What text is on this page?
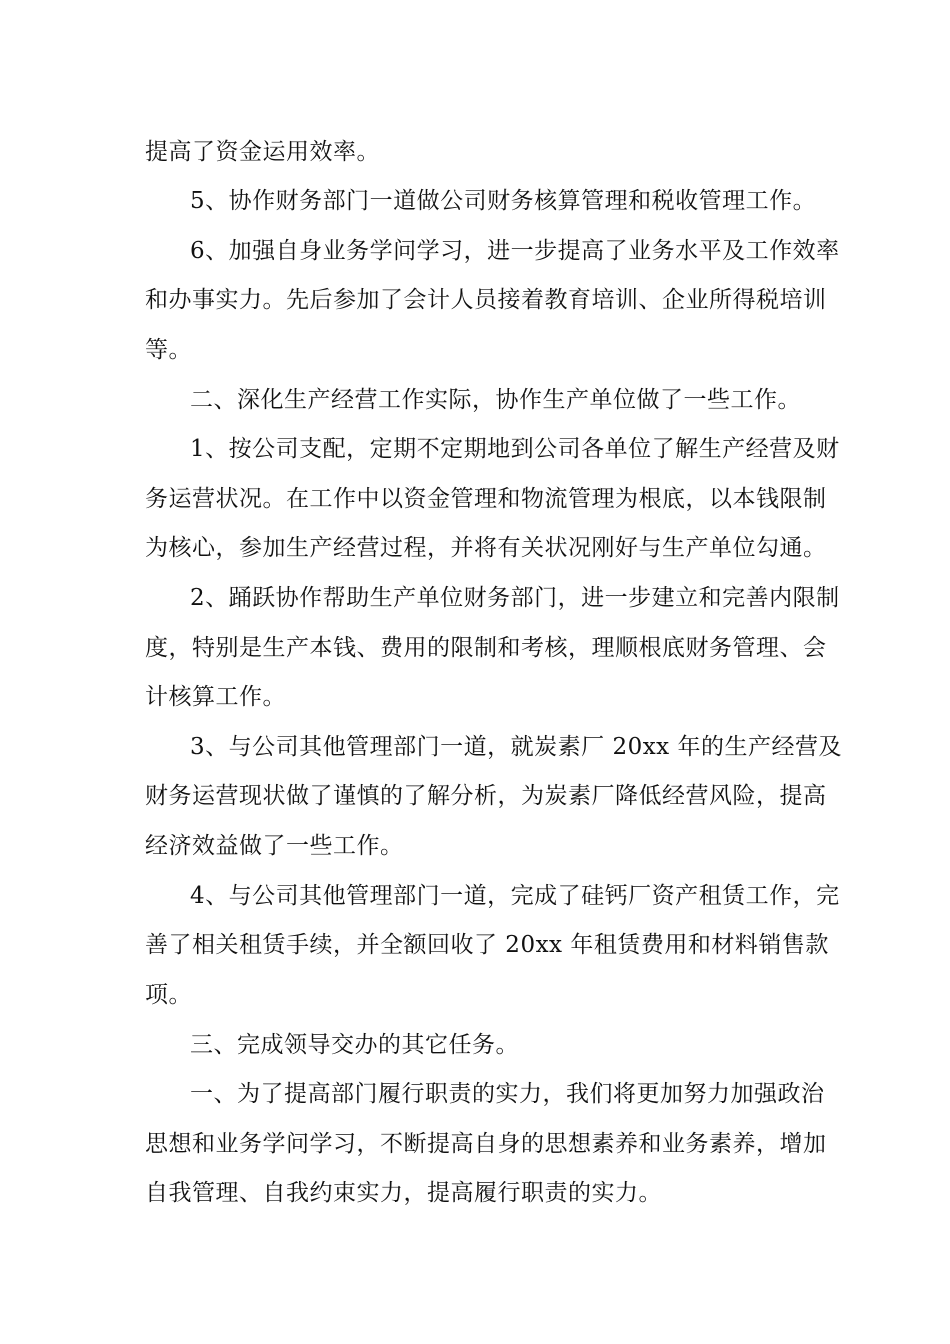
提高了资金运用效率。
5、协作财务部门一道做公司财务核算管理和税收管理工作。
6、加强自身业务学问学习，进一步提高了业务水平及工作效率
和办事实力。先后参加了会计人员接着教育培训、企业所得税培训
等。
二、深化生产经营工作实际，协作生产单位做了一些工作。
1、按公司支配，定期不定期地到公司各单位了解生产经营及财
务运营状况。在工作中以资金管理和物流管理为根底，以本钱限制
为核心，参加生产经营过程，并将有关状况刚好与生产单位勾通。
2、踊跃协作帮助生产单位财务部门，进一步建立和完善内限制
度，特别是生产本钱、费用的限制和考核，理顺根底财务管理、会
计核算工作。
3、与公司其他管理部门一道，就炭素厂 20xx 年的生产经营及
财务运营现状做了谨慎的了解分析，为炭素厂降低经营风险，提高
经济效益做了一些工作。
4、与公司其他管理部门一道，完成了硅钙厂资产租赁工作，完
善了相关租赁手续，并全额回收了 20xx 年租赁费用和材料销售款
项。
三、完成领导交办的其它任务。
一、为了提高部门履行职责的实力，我们将更加努力加强政治
思想和业务学问学习，不断提高自身的思想素养和业务素养，增加
自我管理、自我约束实力，提高履行职责的实力。
